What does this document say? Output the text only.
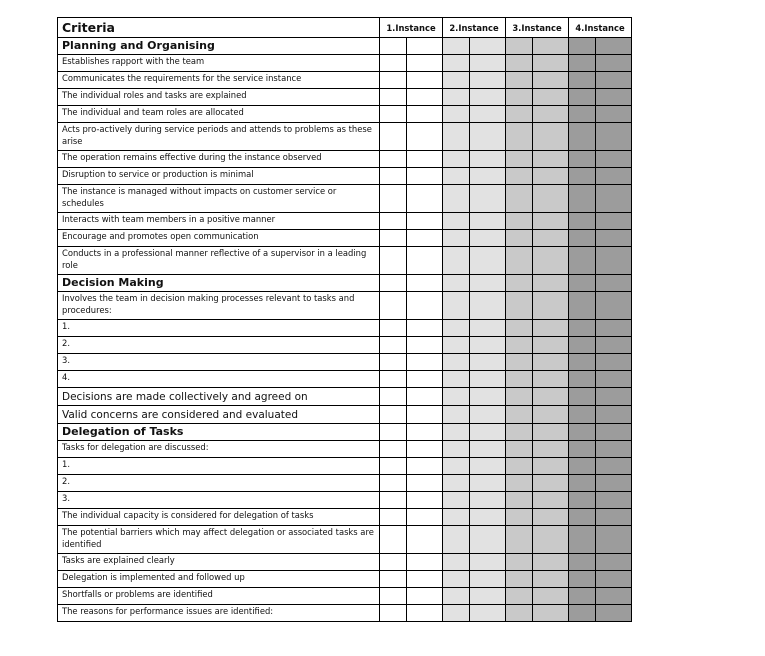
Criteria	1.Instance		2.Instance		3.Instance		4.Instance	
Planning and Organising								
Establishes rapport with the team								
Communicates the requirements for the service instance								
The individual roles and tasks are explained								
The individual and team roles are allocated								
Acts pro-actively during service periods and attends to problems as these arise								
The operation remains effective during the instance observed								
Disruption to service or production is minimal								
The instance is managed without impacts on customer service or schedules								
Interacts with team members in a positive manner								
Encourage and promotes open communication								
Conducts in a professional manner reflective of a supervisor in a leading role								
Decision Making								
Involves the team in decision making processes relevant to tasks and procedures:								
1.								
2.								
3.								
4.								
Decisions are made collectively and agreed on								
Valid concerns are considered and evaluated								
Delegation of Tasks								
Tasks for delegation are discussed:								
1.								
2.								
3.								
The individual capacity is considered for delegation of tasks								
The potential barriers which may affect delegation or associated tasks are identified								
Tasks are explained clearly								
Delegation is implemented and followed up								
Shortfalls or problems are identified								
The reasons for performance issues are identified:								
